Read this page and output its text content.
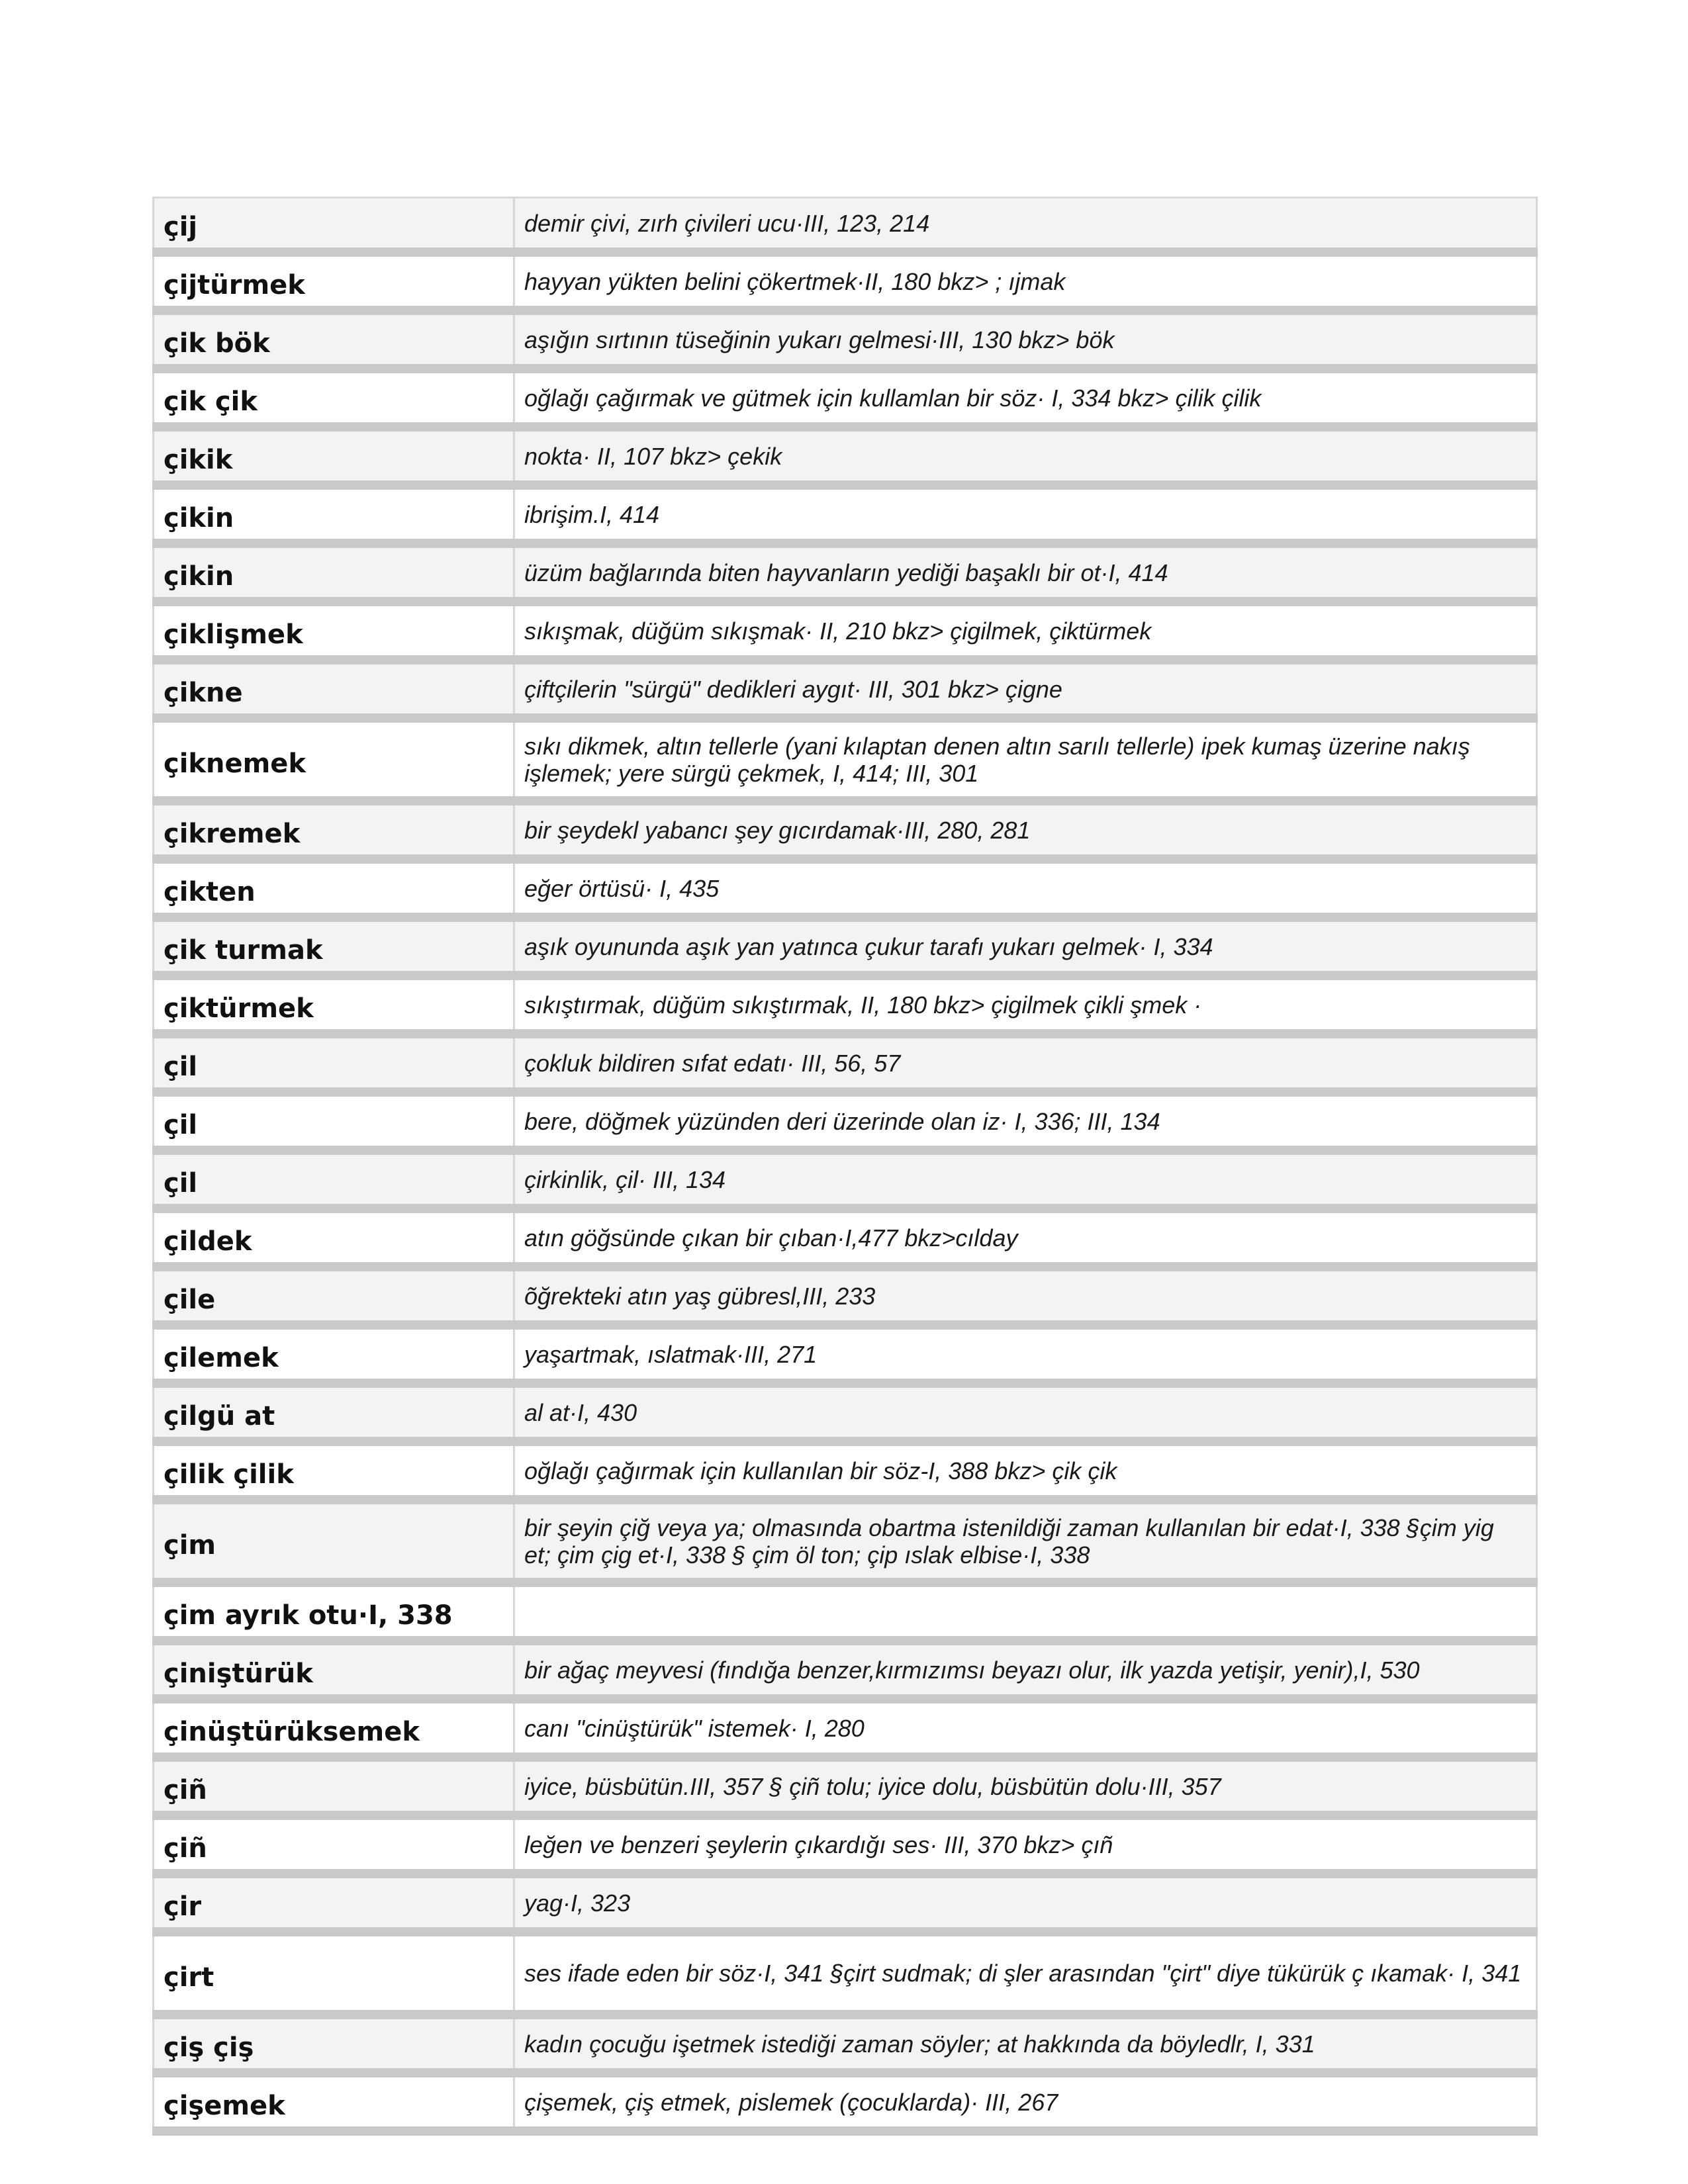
çij	demir çivi, zırh çivileri ucu·III, 123, 214
çijtürmek	hayyan yükten belini çökertmek·II, 180 bkz> ; ıjmak
çik bök	aşığın sırtının tüseğinin yukarı gelmesi·III, 130 bkz> bök
çik çik	oğlağı çağırmak ve gütmek için kullamlan bir söz· I, 334 bkz> çilik çilik
çikik	nokta· II, 107 bkz> çekik
çikin	ibrişim.I, 414
çikin	üzüm bağlarında biten hayvanların yediği başaklı bir ot·I, 414
çiklişmek	sıkışmak, düğüm sıkışmak· II, 210 bkz> çigilmek, çiktürmek
çikne	çiftçilerin "sürgü" dedikleri aygıt· III, 301 bkz> çigne
çiknemek	sıkı dikmek, altın tellerle (yani kılaptan denen altın sarılı tellerle) ipek kumaş üzerine nakış işlemek; yere sürgü çekmek, I, 414; III, 301
çikremek	bir şeydekl yabancı şey gıcırdamak·III, 280, 281
çikten	eğer örtüsü· I, 435
çik turmak	aşık oyununda aşık yan yatınca çukur tarafı yukarı gelmek· I, 334
çiktürmek	sıkıştırmak, düğüm sıkıştırmak, II, 180 bkz> çigilmek çikli şmek ·
çil	çokluk bildiren sıfat edatı· III, 56, 57
çil	bere, döğmek yüzünden deri üzerinde olan iz· I, 336; III, 134
çil	çirkinlik, çil· III, 134
çildek	atın göğsünde çıkan bir çıban·I,477 bkz>cılday
çile	õğrekteki atın yaş gübresl,III, 233
çilemek	yaşartmak, ıslatmak·III, 271
çilgü at	al at·I, 430
çilik çilik	oğlağı çağırmak için kullanılan bir söz-I, 388 bkz> çik çik
çim	bir şeyin çiğ veya ya; olmasında obartma istenildiği zaman kullanılan bir edat·I, 338 §çim yig et; çim çig et·I, 338 § çim öl ton; çip ıslak elbise·I, 338
çim ayrık otu·I, 338	
çiniştürük	bir ağaç meyvesi (fındığa benzer,kırmızımsı beyazı olur, ilk yazda yetişir, yenir),I, 530
çinüştürüksemek	canı "cinüştürük" istemek· I, 280
çiñ	iyice, büsbütün.III, 357 § çiñ tolu; iyice dolu, büsbütün dolu·III, 357
çiñ	leğen ve benzeri şeylerin çıkardığı ses· III, 370 bkz> çıñ
çir	yag·I, 323
çirt	ses ifade eden bir söz·I, 341 §çirt sudmak; di şler arasından "çirt" diye tükürük ç ıkamak· I, 341
çiş çiş	kadın çocuğu işetmek istediği zaman söyler; at hakkında da böyledlr, I, 331
çişemek	çişemek, çiş etmek, pislemek (çocuklarda)· III, 267
